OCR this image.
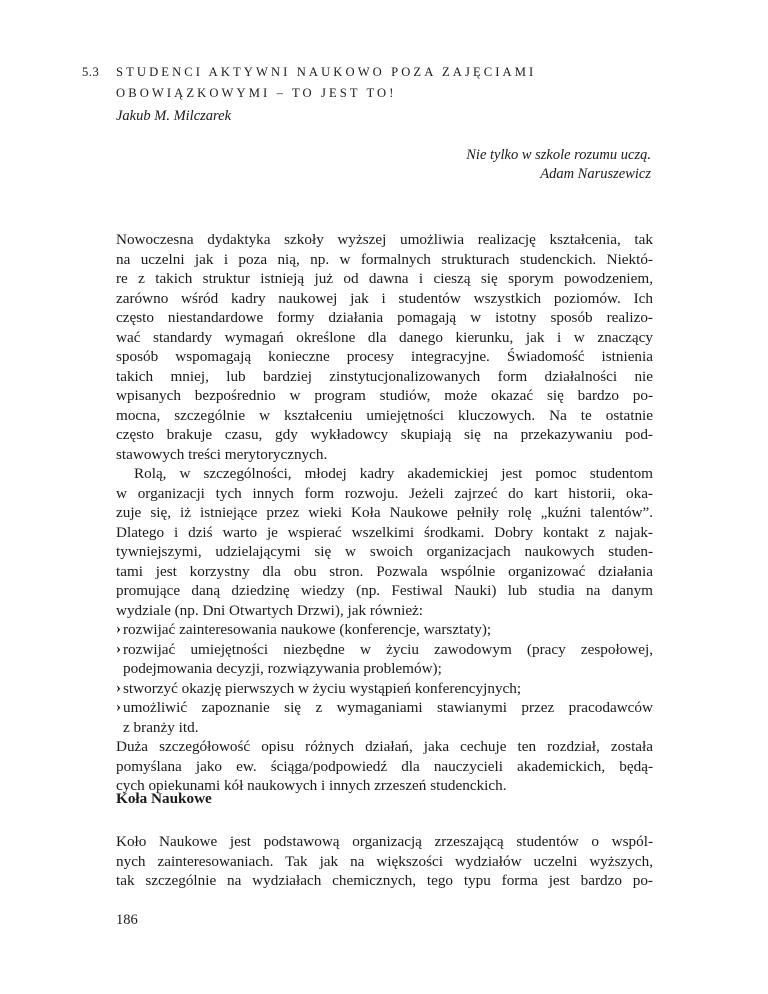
5.3	STUDENCI AKTYWNI NAUKOWO POZA ZAJĘCIAMI
OBOWIĄZKOWYMI – TO JEST TO!
Jakub M. Milczarek
Nie tylko w szkole rozumu uczą.
Adam Naruszewicz
Nowoczesna dydaktyka szkoły wyższej umożliwia realizację kształcenia, tak
na uczelni jak i poza nią, np. w formalnych strukturach studenckich. Niektó-
re z takich struktur istnieją już od dawna i cieszą się sporym powodzeniem,
zarówno wśród kadry naukowej jak i studentów wszystkich poziomów. Ich
często niestandardowe formy działania pomagają w istotny sposób realizo-
wać standardy wymagań określone dla danego kierunku, jak i w znaczący
sposób wspomagają konieczne procesy integracyjne. Świadomość istnienia
takich mniej, lub bardziej zinstytucjonalizowanych form działalności nie
wpisanych bezpośrednio w program studiów, może okazać się bardzo po-
mocna, szczególnie w kształceniu umiejętności kluczowych. Na te ostatnie
często brakuje czasu, gdy wykładowcy skupiają się na przekazywaniu pod-
stawowych treści merytorycznych.
Rolą, w szczególności, młodej kadry akademickiej jest pomoc studentom
w organizacji tych innych form rozwoju. Jeżeli zajrzeć do kart historii, oka-
zuje się, iż istniejące przez wieki Koła Naukowe pełniły rolę „kuźni talentów”.
Dlatego i dziś warto je wspierać wszelkimi środkami. Dobry kontakt z najak-
tywniejszymi, udzielającymi się w swoich organizacjach naukowych studen-
tami jest korzystny dla obu stron. Pozwala wspólnie organizować działania
promujące daną dziedzinę wiedzy (np. Festiwal Nauki) lub studia na danym
wydziale (np. Dni Otwartych Drzwi), jak również:
› rozwijać zainteresowania naukowe (konferencje, warsztaty);
› rozwijać umiejętności niezbędne w życiu zawodowym (pracy zespołowej,
podejmowania decyzji, rozwiązywania problemów);
› stworzyć okazję pierwszych w życiu wystąpień konferencyjnych;
› umożliwić zapoznanie się z wymaganiami stawianymi przez pracodawców
z branży itd.
Duża szczegółowość opisu różnych działań, jaka cechuje ten rozdział, została
pomyślana jako ew. ściąga/podpowiedź dla nauczycieli akademickich, będą-
cych opiekunami kół naukowych i innych zrzeszeń studenckich.
Koła Naukowe
Koło Naukowe jest podstawową organizacją zrzeszającą studentów o wspól-
nych zainteresowaniach. Tak jak na większości wydziałów uczelni wyższych,
tak szczególnie na wydziałach chemicznych, tego typu forma jest bardzo po-
186
